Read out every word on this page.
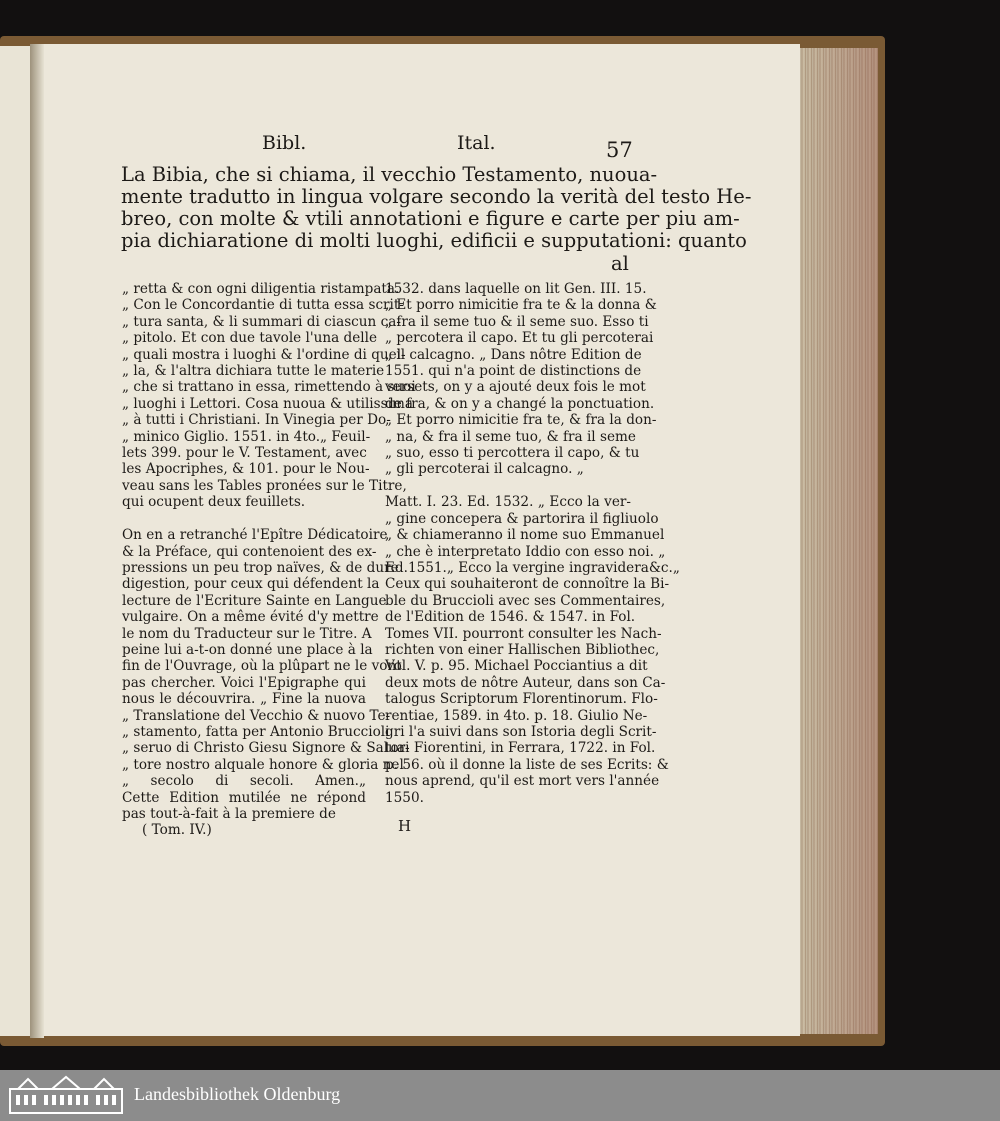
Bibl.	Ital.	57
La Bibia, che si chiama, il vecchio Testamento, nuoua-
mente tradutto in lingua volgare secondo la verità del testo He-
breo, con molte & vtili annotationi e figure e carte per piu am-
pia dichiaratione di molti luoghi, edificii e supputationi: quanto
al
„ retta & con ogni diligentia ristampata.
„ Con le Concordantie di tutta essa scrit-
„ tura santa, & li summari di ciascun ca-
„ pitolo. Et con due tavole l'una delle
„ quali mostra i luoghi & l'ordine di quel-
„ la, & l'altra dichiara tutte le materie
„ che si trattano in essa, rimettendo à suoi
„ luoghi i Lettori. Cosa nuoua & utilissima
„ à tutti i Christiani. In Vinegia per Do-
„ minico Giglio. 1551. in 4to.„ Feuil-
lets 399. pour le V. Testament, avec
les Apocriphes, & 101. pour le Nou-
veau sans les Tables pronées sur le Titre,
qui ocupent deux feuillets.

On en a retranché l'Epître Dédicatoire
& la Préface, qui contenoient des ex-
pressions un peu trop naïves, & de dure
digestion, pour ceux qui défendent la
lecture de l'Ecriture Sainte en Langue
vulgaire. On a même évité d'y mettre
le nom du Traducteur sur le Titre. A
peine lui a-t-on donné une place à la
fin de l'Ouvrage, où la plûpart ne le vont
pas chercher. Voici l'Epigraphe qui
nous le découvrira. „ Fine la nuova
„ Translatione del Vecchio & nuovo Te-
„ stamento, fatta per Antonio Bruccioli
„ seruo di Christo Giesu Signore & Salua-
„ tore nostro alquale honore & gloria nel
„ secolo di secoli. Amen.„
Cette Edition mutilée ne répond
pas tout-à-fait à la premiere de
( Tom. IV.)
1532. dans laquelle on lit Gen. III. 15.
„ Et porro nimicitie fra te & la donna &
„ fra il seme tuo & il seme suo. Esso ti
„ percotera il capo. Et tu gli percoterai
„ il calcagno. „ Dans nôtre Edition de
1551. qui n'a point de distinctions de
versets, on y a ajouté deux fois le mot
de fra, & on y a changé la ponctuation.
„ Et porro nimicitie fra te, & fra la don-
„ na, & fra il seme tuo, & fra il seme
„ suo, esso ti percottera il capo, & tu
„ gli percoterai il calcagno. „

Matt. I. 23. Ed. 1532. „ Ecco la ver-
„ gine concepera & partorira il figliuolo
„ & chiameranno il nome suo Emmanuel
„ che è interpretato Iddio con esso noi. „
Ed.1551.„ Ecco la vergine ingravidera&c.„
Ceux qui souhaiteront de connoître la Bi-
ble du Bruccioli avec ses Commentaires,
de l'Edition de 1546. & 1547. in Fol.
Tomes VII. pourront consulter les Nach-
richten von einer Hallischen Bibliothec,
Vol. V. p. 95. Michael Pocciantius a dit
deux mots de nôtre Auteur, dans son Ca-
talogus Scriptorum Florentinorum. Flo-
rentiae, 1589. in 4to. p. 18. Giulio Ne-
gri l'a suivi dans son Istoria degli Scrit-
tori Fiorentini, in Ferrara, 1722. in Fol.
p. 56. où il donne la liste de ses Ecrits: &
nous aprend, qu'il est mort vers l'année
1550.
H
Landesbibliothek Oldenburg
